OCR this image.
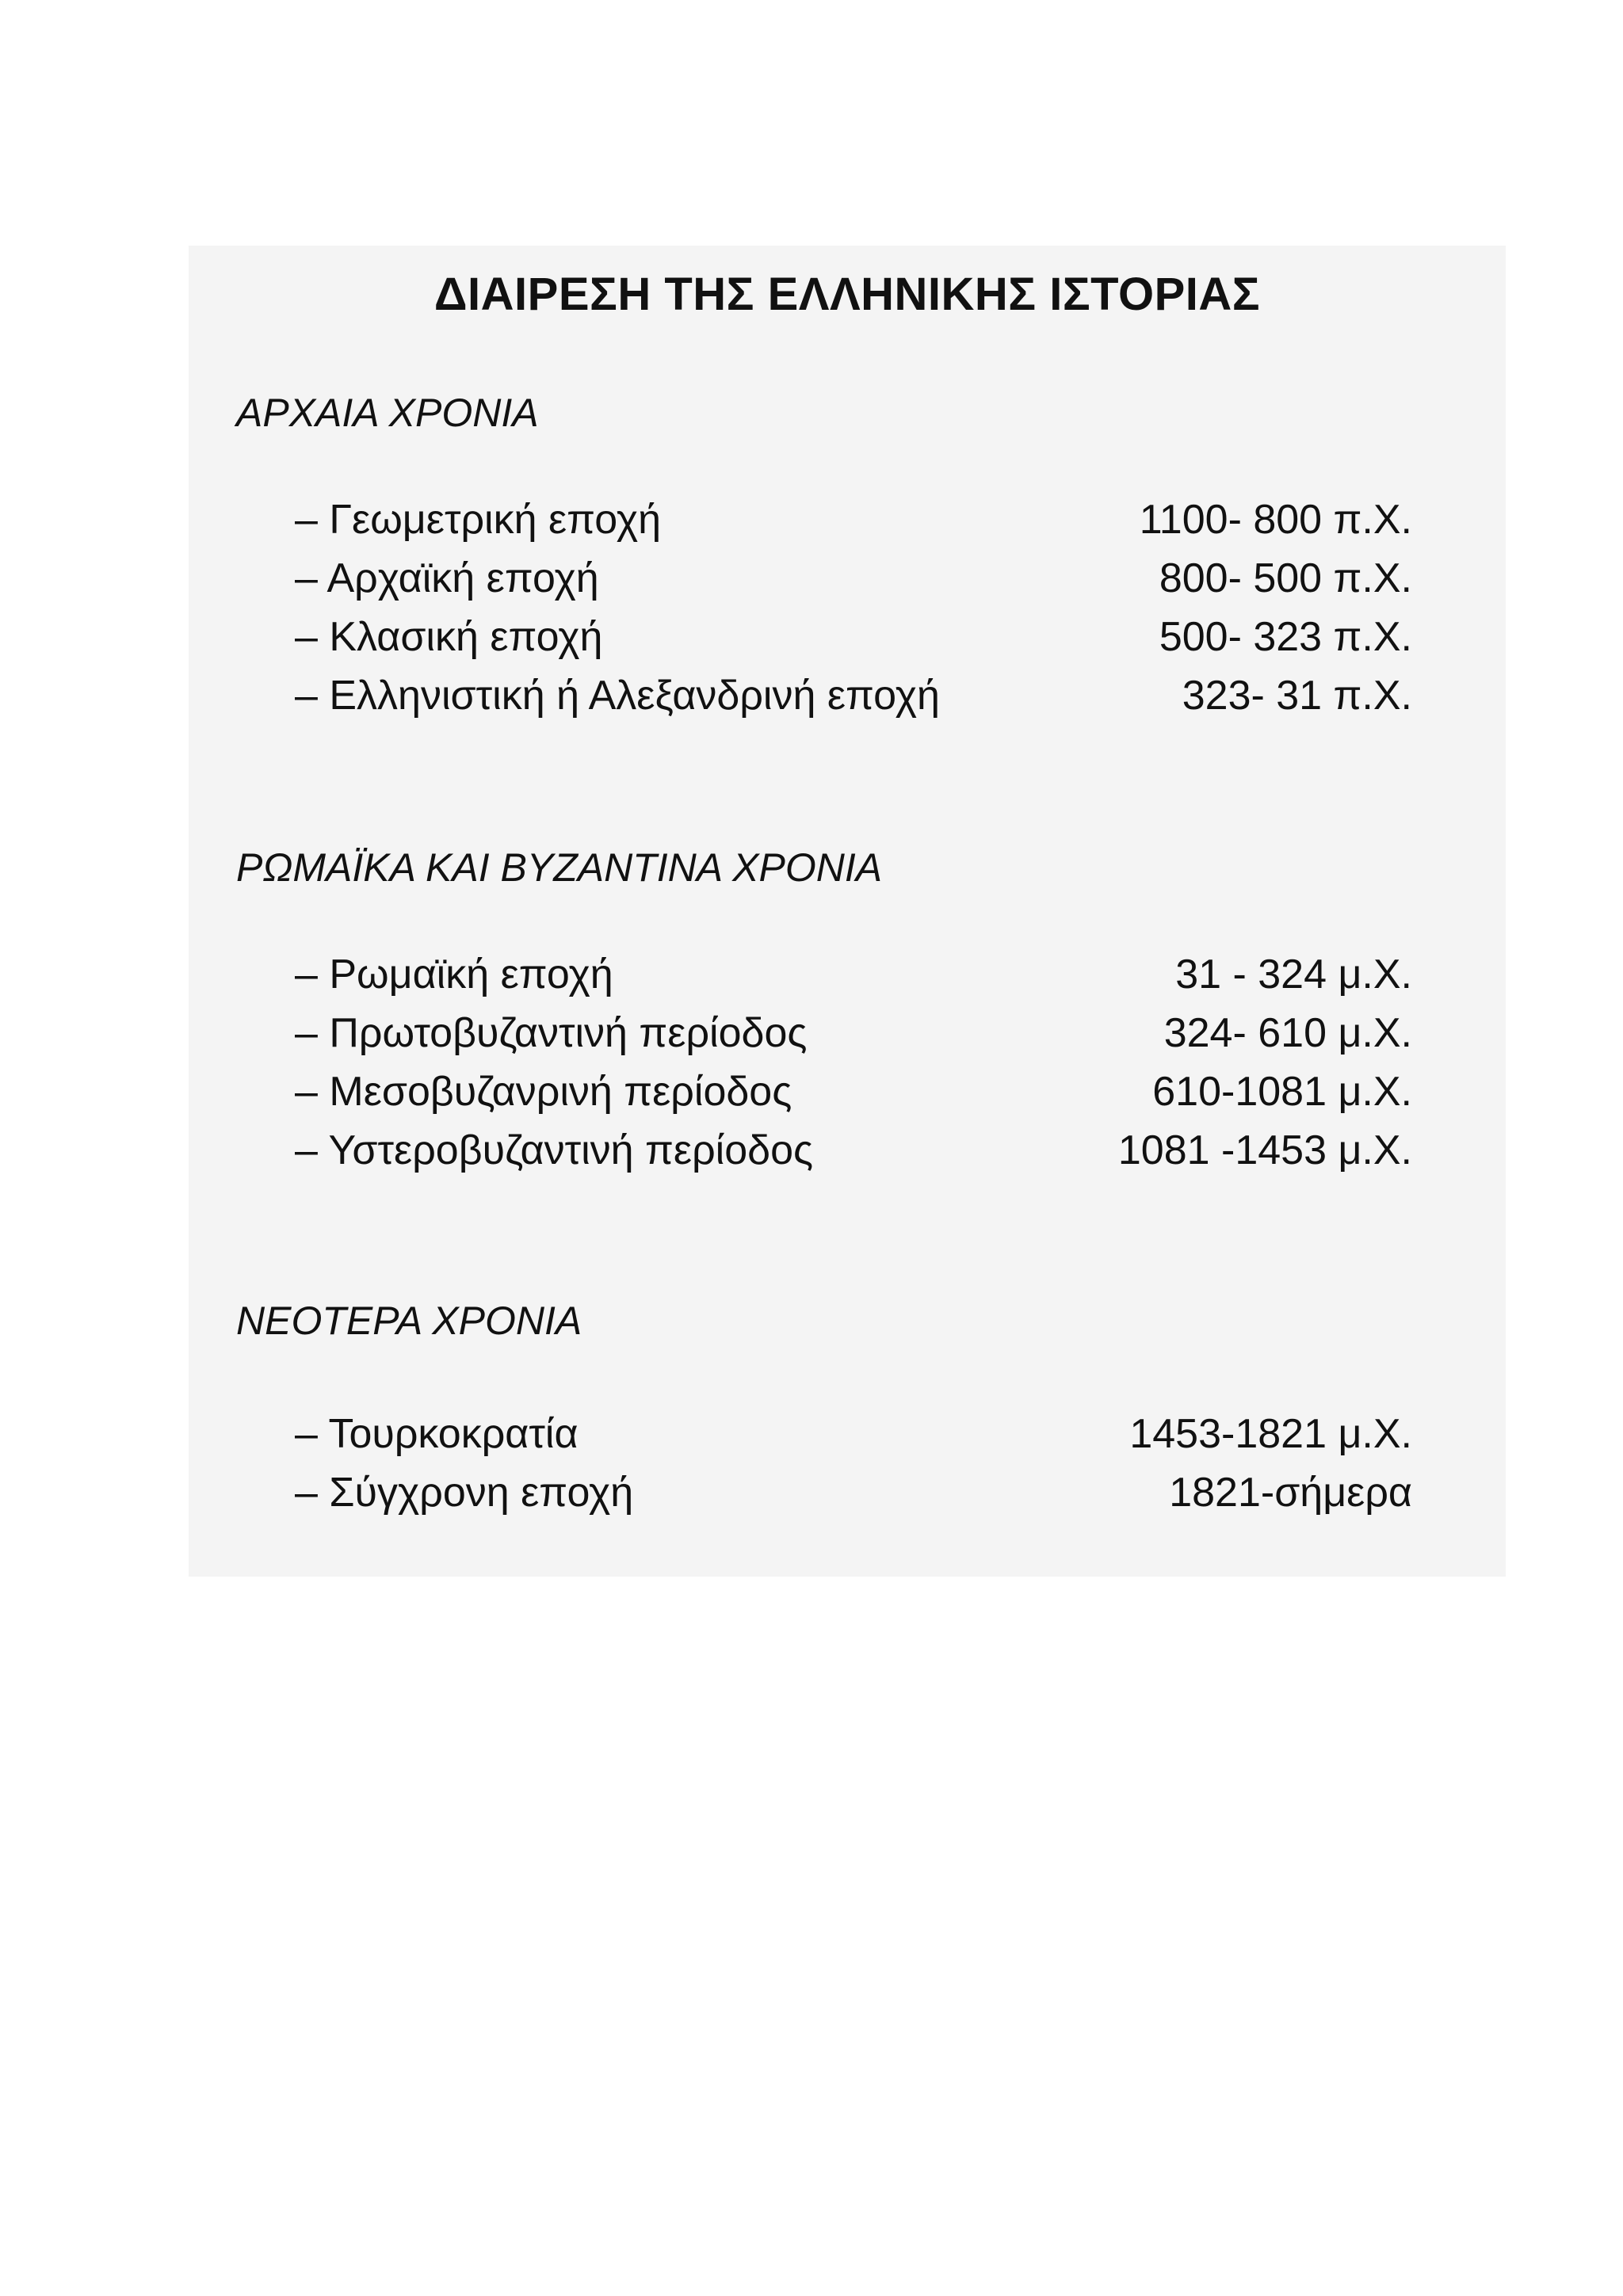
ΔΙΑΙΡΕΣΗ ΤΗΣ ΕΛΛΗΝΙΚΗΣ ΙΣΤΟΡΙΑΣ
ΑΡΧΑΙΑ ΧΡΟΝΙΑ
– Γεωμετρική εποχή	1100- 800 π.Χ.
– Αρχαϊκή εποχή	800- 500 π.Χ.
– Κλασική εποχή	500- 323 π.Χ.
– Ελληνιστική ή Αλεξανδρινή εποχή	323- 31 π.Χ.
ΡΩΜΑΪΚΑ ΚΑΙ ΒΥΖΑΝΤΙΝΑ ΧΡΟΝΙΑ
– Ρωμαϊκή εποχή	31 - 324 μ.Χ.
– Πρωτοβυζαντινή περίοδος	324- 610 μ.Χ.
– Μεσοβυζανρινή περίοδος	610-1081 μ.Χ.
– Υστεροβυζαντινή περίοδος	1081 -1453 μ.Χ.
ΝΕΟΤΕΡΑ ΧΡΟΝΙΑ
– Τουρκοκρατία	1453-1821 μ.Χ.
– Σύγχρονη εποχή	1821-σήμερα
